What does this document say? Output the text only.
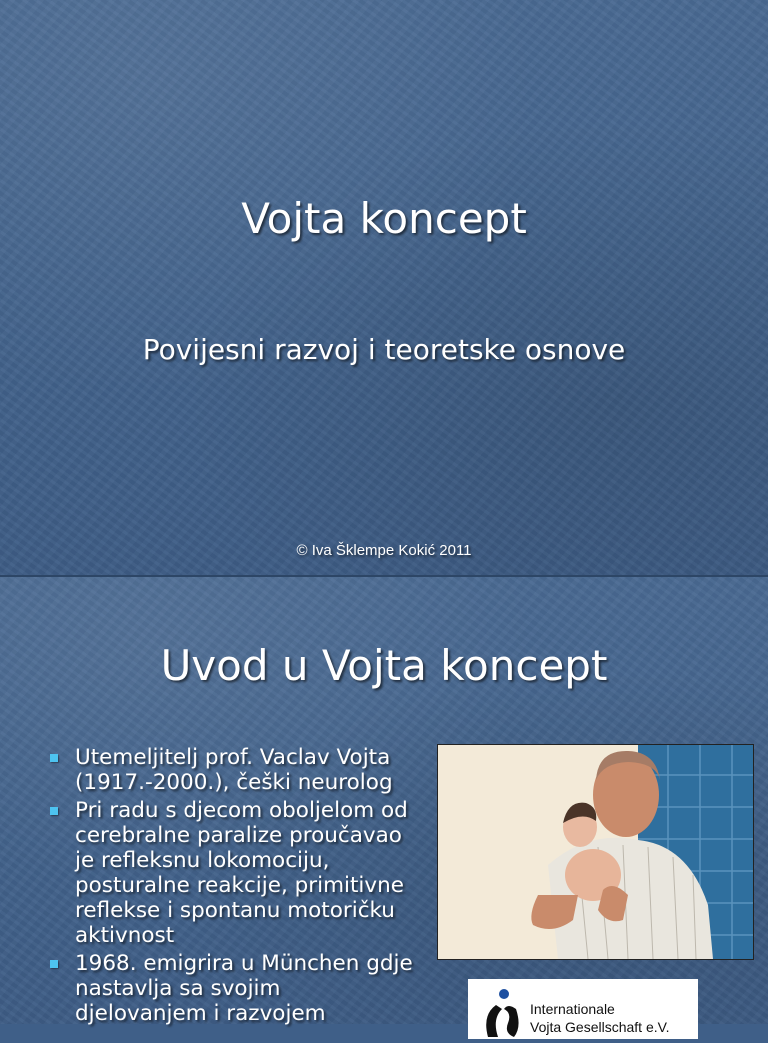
Vojta koncept
Povijesni razvoj i teoretske osnove
© Iva Šklempe Kokić 2011
Uvod u Vojta koncept
Utemeljitelj prof. Vaclav Vojta
(1917.-2000.), češki neurolog
Pri radu s djecom oboljelom od
cerebralne paralize proučavao
je refleksnu lokomociju,
posturalne reakcije, primitivne
reflekse i spontanu motoričku
aktivnost
1968. emigrira u München gdje
nastavlja sa svojim
djelovanjem i razvojem	Internationale
Vojta Gesellschaft e.V.
